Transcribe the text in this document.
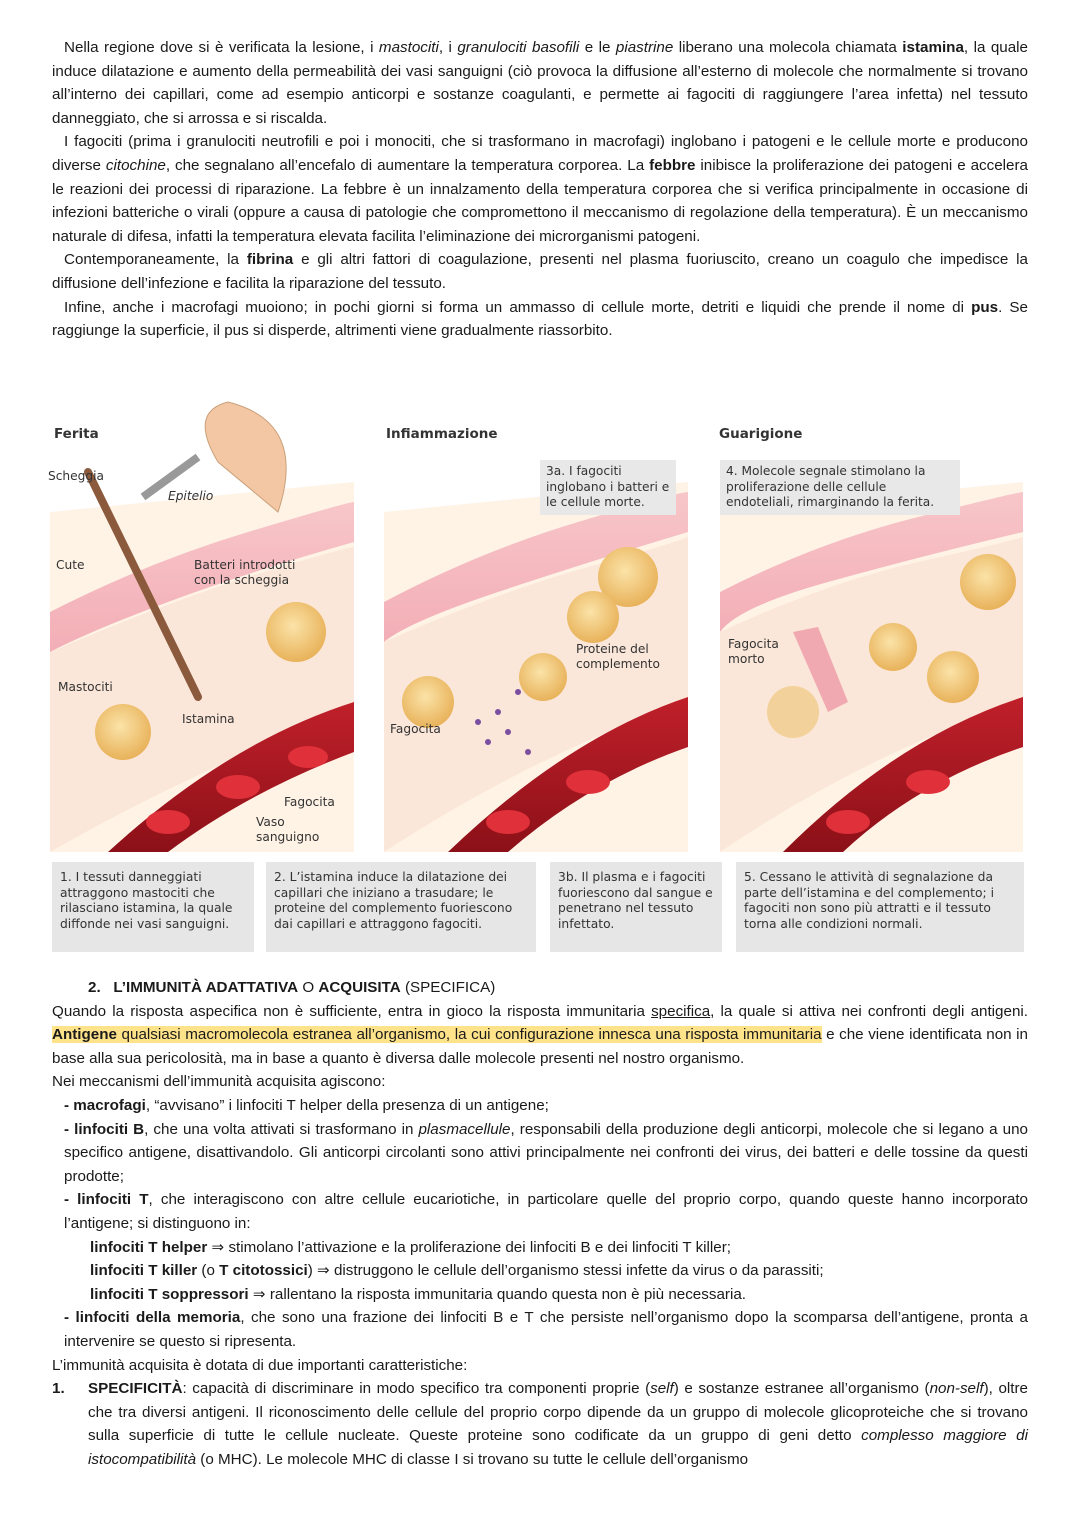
Nella regione dove si è verificata la lesione, i mastociti, i granulociti basofili e le piastrine liberano una molecola chiamata istamina, la quale induce dilatazione e aumento della permeabilità dei vasi sanguigni (ciò provoca la diffusione all’esterno di molecole che normalmente si trovano all’interno dei capillari, come ad esempio anticorpi e sostanze coagulanti, e permette ai fagociti di raggiungere l’area infetta) nel tessuto danneggiato, che si arrossa e si riscalda.

I fagociti (prima i granulociti neutrofili e poi i monociti, che si trasformano in macrofagi) inglobano i patogeni e le cellule morte e producono diverse citochine, che segnalano all’encefalo di aumentare la temperatura corporea. La febbre inibisce la proliferazione dei patogeni e accelera le reazioni dei processi di riparazione. La febbre è un innalzamento della temperatura corporea che si verifica principalmente in occasione di infezioni batteriche o virali (oppure a causa di patologie che compromettono il meccanismo di regolazione della temperatura). È un meccanismo naturale di difesa, infatti la temperatura elevata facilita l’eliminazione dei microrganismi patogeni.

Contemporaneamente, la fibrina e gli altri fattori di coagulazione, presenti nel plasma fuoriuscito, creano un coagulo che impedisce la diffusione dell’infezione e facilita la riparazione del tessuto.

Infine, anche i macrofagi muoiono; in pochi giorni si forma un ammasso di cellule morte, detriti e liquidi che prende il nome di pus. Se raggiunge la superficie, il pus si disperde, altrimenti viene gradualmente riassorbito.

Ferita
Scheggia
Epitelio
Cute	Batteri introdotti
con la scheggia
Mastociti
Istamina
Fagocita
Vaso
sanguigno
Infiammazione
3a. I fagociti inglobano i batteri e le cellule morte.
Proteine del
complemento
Fagocita
Guarigione
4. Molecole segnale stimolano la proliferazione delle cellule endoteliali, rimarginando la ferita.
Fagocita
morto
1. I tessuti danneggiati attraggono mastociti che rilasciano istamina, la quale diffonde nei vasi sanguigni.
2. L’istamina induce la dilatazione dei capillari che iniziano a trasudare; le proteine del complemento fuoriescono dai capillari e attraggono fagociti.
3b. Il plasma e i fagociti fuoriescono dal sangue e penetrano nel tessuto infettato.
5. Cessano le attività di segnalazione da parte dell’istamina e del complemento; i fagociti non sono più attratti e il tessuto torna alle condizioni normali.
2. L’IMMUNITÀ ADATTATIVA O ACQUISITA (SPECIFICA)

Quando la risposta aspecifica non è sufficiente, entra in gioco la risposta immunitaria specifica, la quale si attiva nei confronti degli antigeni. Antigene qualsiasi macromolecola estranea all’organismo, la cui configurazione innesca una risposta immunitaria e che viene identificata non in base alla sua pericolosità, ma in base a quanto è diversa dalle molecole presenti nel nostro organismo.

Nei meccanismi dell’immunità acquisita agiscono:

- macrofagi, “avvisano” i linfociti T helper della presenza di un antigene;
- linfociti B, che una volta attivati si trasformano in plasmacellule, responsabili della produzione degli anticorpi, molecole che si legano a uno specifico antigene, disattivandolo. Gli anticorpi circolanti sono attivi principalmente nei confronti dei virus, dei batteri e delle tossine da questi prodotte;
- linfociti T, che interagiscono con altre cellule eucariotiche, in particolare quelle del proprio corpo, quando queste hanno incorporato l’antigene; si distinguono in:
linfociti T helper ⇒ stimolano l’attivazione e la proliferazione dei linfociti B e dei linfociti T killer;
linfociti T killer (o T citotossici) ⇒ distruggono le cellule dell’organismo stessi infette da virus o da parassiti;
linfociti T soppressori ⇒ rallentano la risposta immunitaria quando questa non è più necessaria.
- linfociti della memoria, che sono una frazione dei linfociti B e T che persiste nell’organismo dopo la scomparsa dell’antigene, pronta a intervenire se questo si ripresenta.

L’immunità acquisita è dotata di due importanti caratteristiche:

1.	SPECIFICITÀ: capacità di discriminare in modo specifico tra componenti proprie (self) e sostanze estranee all’organismo (non-self), oltre che tra diversi antigeni. Il riconoscimento delle cellule del proprio corpo dipende da un gruppo di molecole glicoproteiche che si trovano sulla superficie di tutte le cellule nucleate. Queste proteine sono codificate da un gruppo di geni detto complesso maggiore di istocompatibilità (o MHC). Le molecole MHC di classe I si trovano su tutte le cellule dell’organismo
